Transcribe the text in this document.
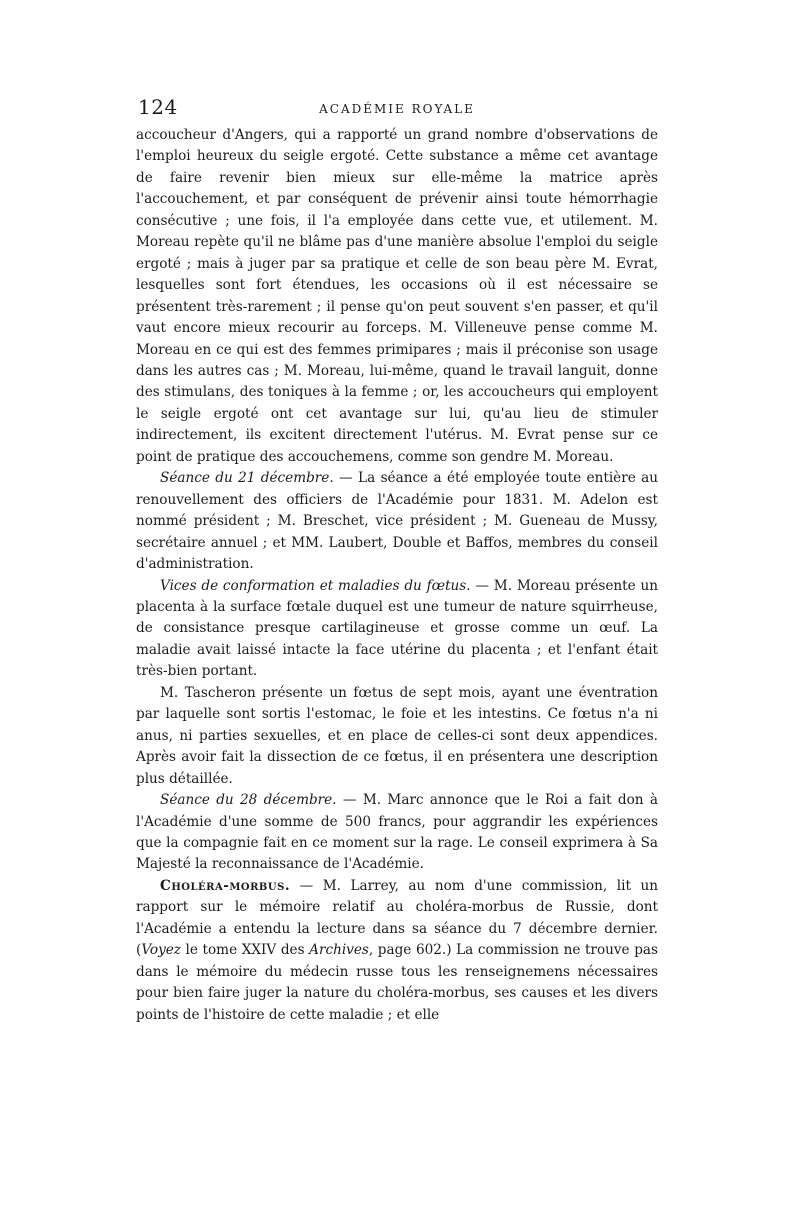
124	ACADÉMIE ROYALE

accoucheur d'Angers, qui a rapporté un grand nombre d'observations de l'emploi heureux du seigle ergoté. Cette substance a même cet avantage de faire revenir bien mieux sur elle-même la matrice après l'accouchement, et par conséquent de prévenir ainsi toute hémorrhagie consécutive ; une fois, il l'a employée dans cette vue, et utilement. M. Moreau repète qu'il ne blâme pas d'une manière absolue l'emploi du seigle ergoté ; mais à juger par sa pratique et celle de son beau père M. Evrat, lesquelles sont fort étendues, les occasions où il est nécessaire se présentent très-rarement ; il pense qu'on peut souvent s'en passer, et qu'il vaut encore mieux recourir au forceps. M. Villeneuve pense comme M. Moreau en ce qui est des femmes primipares ; mais il préconise son usage dans les autres cas ; M. Moreau, lui-même, quand le travail languit, donne des stimulans, des toniques à la femme ; or, les accoucheurs qui employent le seigle ergoté ont cet avantage sur lui, qu'au lieu de stimuler indirectement, ils excitent directement l'utérus. M. Evrat pense sur ce point de pratique des accouchemens, comme son gendre M. Moreau.

Séance du 21 décembre. — La séance a été employée toute entière au renouvellement des officiers de l'Académie pour 1831. M. Adelon est nommé président ; M. Breschet, vice président ; M. Gueneau de Mussy, secrétaire annuel ; et MM. Laubert, Double et Baffos, membres du conseil d'administration.

Vices de conformation et maladies du fœtus. — M. Moreau présente un placenta à la surface fœtale duquel est une tumeur de nature squirrheuse, de consistance presque cartilagineuse et grosse comme un œuf. La maladie avait laissé intacte la face utérine du placenta ; et l'enfant était très-bien portant.

M. Tascheron présente un fœtus de sept mois, ayant une éventration par laquelle sont sortis l'estomac, le foie et les intestins. Ce fœtus n'a ni anus, ni parties sexuelles, et en place de celles-ci sont deux appendices. Après avoir fait la dissection de ce fœtus, il en présentera une description plus détaillée.

Séance du 28 décembre. — M. Marc annonce que le Roi a fait don à l'Académie d'une somme de 500 francs, pour aggrandir les expériences que la compagnie fait en ce moment sur la rage. Le conseil exprimera à Sa Majesté la reconnaissance de l'Académie.

Choléra-morbus. — M. Larrey, au nom d'une commission, lit un rapport sur le mémoire relatif au choléra-morbus de Russie, dont l'Académie a entendu la lecture dans sa séance du 7 décembre dernier. (Voyez le tome XXIV des Archives, page 602.) La commission ne trouve pas dans le mémoire du médecin russe tous les renseignemens nécessaires pour bien faire juger la nature du choléra-morbus, ses causes et les divers points de l'histoire de cette maladie ; et elle
